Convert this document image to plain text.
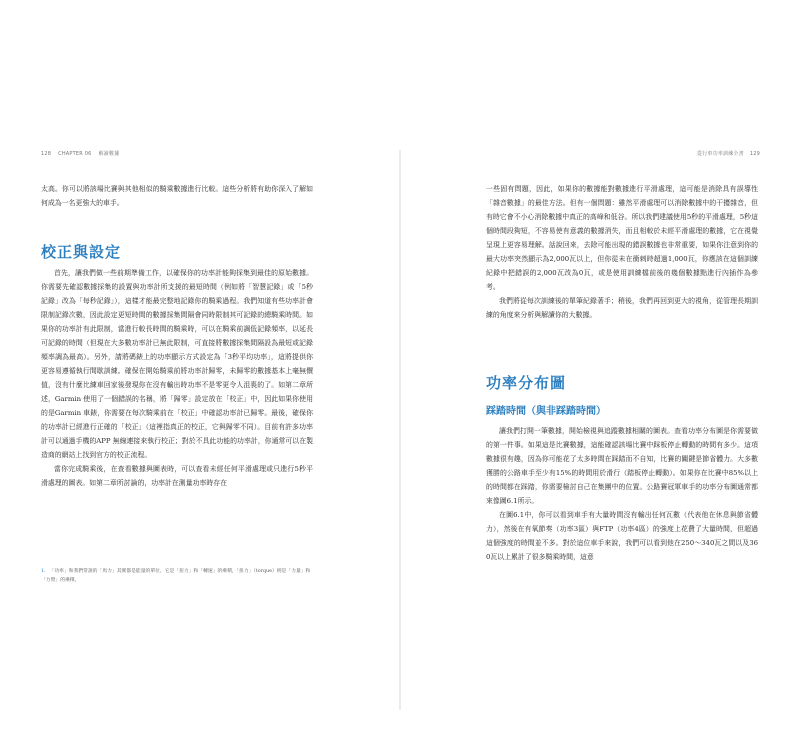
128 CHAPTER 06 解讀數據

太高。你可以將該場比賽與其他相似的騎乘數據進行比較。這些分析將有助你深入了解如何成為一名更強大的車手。

校正與設定

首先，讓我們做一些前期準備工作，以確保你的功率計能夠採集到最佳的原始數據。你需要先確認數據採集的設置與功率計所支援的最短時間（例如將「智慧記錄」或「5秒記錄」改為「每秒記錄」），這樣才能最完整地記錄你的騎乘過程。我們知道有些功率計會限制記錄次數，因此設定更短時間的數據採集間隔會同時限制其可記錄的總騎乘時間。如果你的功率計有此限制，當進行較長時間的騎乘時，可以在騎乘前調低記錄頻率，以延長可記錄的時間（但現在大多數功率計已無此限制，可直接將數據採集間隔設為最短或記錄頻率調為最高）。另外，請將碼錶上的功率顯示方式設定為「3秒平均功率」，這將提供你更容易遵循執行間歇訓練。確保在開始騎乘前將功率計歸零，未歸零的數據基本上毫無價值，沒有什麼比練車回家後發現你在沒有輸出時功率不是零更令人沮喪的了。如第二章所述，Garmin 使用了一個錯誤的名稱，將「歸零」設定放在「校正」中，因此如果你使用的是Garmin 車錶，你需要在每次騎乘前在「校正」中確認功率計已歸零。最後，確保你的功率計已經進行正確的「校正」（這裡指真正的校正，它與歸零不同）。目前有許多功率計可以通過手機的APP 無線連接來執行校正；對於不具此功能的功率計，你通常可以在製造商的網站上找到官方的校正流程。

當你完成騎乘後，在查看數據與圖表時，可以查看未經任何平滑處理或只進行5秒平滑處理的圖表。如第二章所討論的，功率計在測量功率時存在

1. 「功率」和我們常說的「馬力」其實都是能量的單位，它是「扭力」和「轉速」的乘積，「扭力」（torque）則是「力量」和「力臂」的乘積。
從行車功率訓練全書 129

一些固有問題，因此，如果你的數據能對數據進行平滑處理，這可能是消除具有誤導性「雜音數據」的最佳方法。但有一個問題：雖然平滑處理可以消除數據中的干擾雜音，但有時它會不小心消除數據中真正的高峰和低谷。所以我們建議使用5秒的平滑處理，5秒這個時間段夠短，不容易使有意義的數據消失，而且相較於未經平滑處理的數據，它在視覺呈現上更容易理解。話說回來，去除可能出現的錯誤數據也非常重要，如果你注意到你的最大功率突然顯示為2,000瓦以上，但你從未在衝刺時超過1,000瓦，你應該在這個訓練紀錄中把錯誤的2,000瓦改為0瓦，或是使用訓練檔前後的幾個數據點進行內插作為參考。

我們將從每次訓練後的單筆紀錄著手；稍後，我們再回到更大的視角，從管理長期訓練的角度來分析與解讀你的大數據。

功率分布圖
踩踏時間（與非踩踏時間）

讓我們打開一筆數據，開始檢視與追蹤數據相關的圖表。查看功率分布圖是你需要做的第一件事。如果這是比賽數據，這能確認該場比賽中踩板停止轉動的時間有多少。這項數據很有趣，因為你可能花了太多時間在踩踏而不自知，比賽的關鍵是節省體力。大多數獲勝的公路車手至少有15%的時間用於滑行（踏板停止轉動）。如果你在比賽中85%以上的時間都在踩踏，你需要檢討自己在集團中的位置。公路賽冠軍車手的功率分布圖通常都來像圖6.1所示。

在圖6.1中，你可以看到車手有大量時間沒有輸出任何瓦數（代表他在休息與節省體力），然後在有氧節奏（功率3區）與FTP（功率4區）的強度上花費了大量時間，但超過這個強度的時間並不多。對於這位車手來說，我們可以看到他在250～340瓦之間以及360瓦以上累計了很多騎乘時間，這意
